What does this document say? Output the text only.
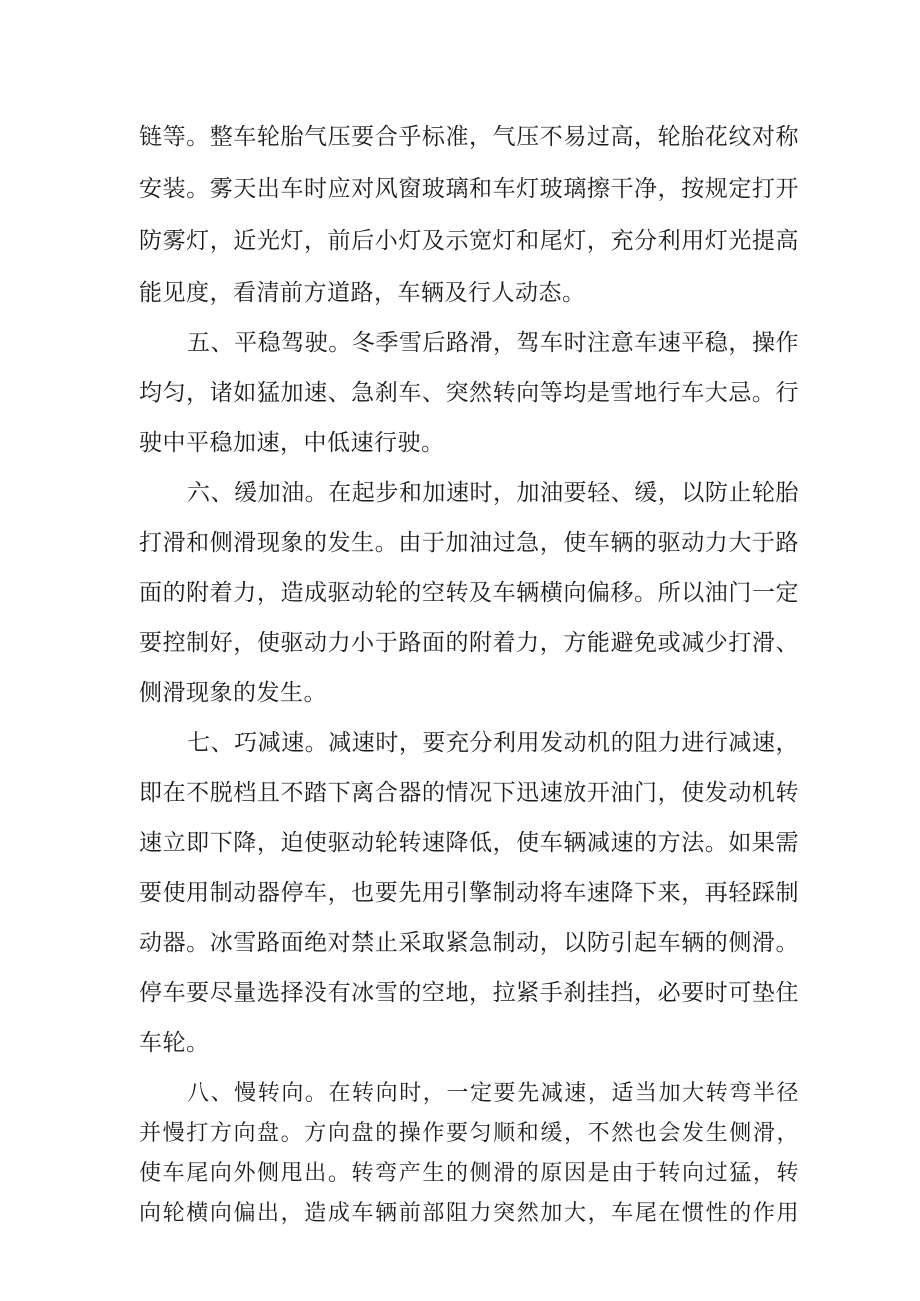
链等。整车轮胎气压要合乎标准，气压不易过高，轮胎花纹对称
安装。雾天出车时应对风窗玻璃和车灯玻璃擦干净，按规定打开
防雾灯，近光灯，前后小灯及示宽灯和尾灯，充分利用灯光提高
能见度，看清前方道路，车辆及行人动态。
五、平稳驾驶。冬季雪后路滑，驾车时注意车速平稳，操作
均匀，诸如猛加速、急刹车、突然转向等均是雪地行车大忌。行
驶中平稳加速，中低速行驶。
六、缓加油。在起步和加速时，加油要轻、缓，以防止轮胎
打滑和侧滑现象的发生。由于加油过急，使车辆的驱动力大于路
面的附着力，造成驱动轮的空转及车辆横向偏移。所以油门一定
要控制好，使驱动力小于路面的附着力，方能避免或减少打滑、
侧滑现象的发生。
七、巧减速。减速时，要充分利用发动机的阻力进行减速，
即在不脱档且不踏下离合器的情况下迅速放开油门，使发动机转
速立即下降，迫使驱动轮转速降低，使车辆减速的方法。如果需
要使用制动器停车，也要先用引擎制动将车速降下来，再轻踩制
动器。冰雪路面绝对禁止采取紧急制动，以防引起车辆的侧滑。
停车要尽量选择没有冰雪的空地，拉紧手刹挂挡，必要时可垫住
车轮。
八、慢转向。在转向时，一定要先减速，适当加大转弯半径
并慢打方向盘。方向盘的操作要匀顺和缓，不然也会发生侧滑，
使车尾向外侧甩出。转弯产生的侧滑的原因是由于转向过猛，转
向轮横向偏出，造成车辆前部阻力突然加大，车尾在惯性的作用
